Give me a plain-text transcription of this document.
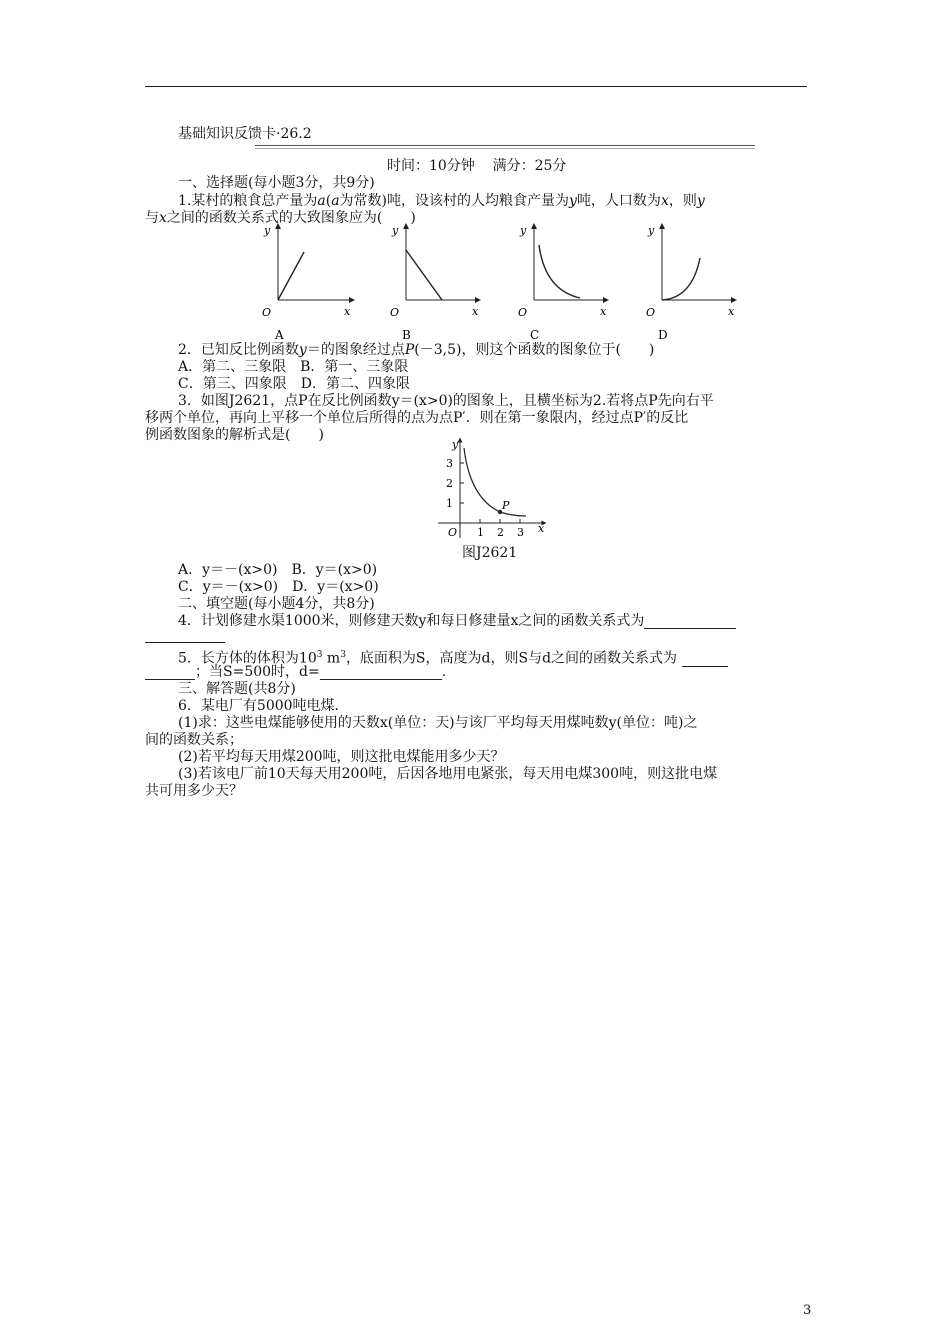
基础知识反馈卡·26.2
时间：10分钟    满分：25分
一、选择题(每小题3分，共9分)
1.某村的粮食总产量为a(a为常数)吨，设该村的人均粮食产量为y吨，人口数为x，则y
与x之间的函数关系式的大致图象应为(　　)
y
x
O
A
y
x
O
B
y
x
O
C
y
x
O
D
2．已知反比例函数y＝的图象经过点P(－3,5)，则这个函数的图象位于(　　)
A．第二、三象限　 B．第一、三象限
C．第三、四象限　 D．第二、四象限
3．如图J2621，点P在反比例函数y＝(x>0)的图象上，且横坐标为2.若将点P先向右平
移两个单位，再向上平移一个单位后所得的点为点P′．则在第一象限内，经过点P′的反比
例函数图象的解析式是(　　)
P
y
x
O
3
2
1
1 2 3
图J2621
A．y＝－(x>0)　B．y＝(x>0)
C．y＝－(x>0)　D．y＝(x>0)
二、填空题(每小题4分，共8分)
4．计划修建水渠1000米，则修建天数y和每日修建量x之间的函数关系式为
5．长方体的体积为$10^3$ $m^3$，底面积为S，高度为d，则S与d之间的函数关系式为
；当S=500时，d=	.
三、解答题(共8分)
6．某电厂有5000吨电煤.
(1)求：这些电煤能够使用的天数x(单位：天)与该厂平均每天用煤吨数y(单位：吨)之
间的函数关系；
(2)若平均每天用煤200吨，则这批电煤能用多少天？
(3)若该电厂前10天每天用200吨，后因各地用电紧张，每天用电煤300吨，则这批电煤
共可用多少天？
3
